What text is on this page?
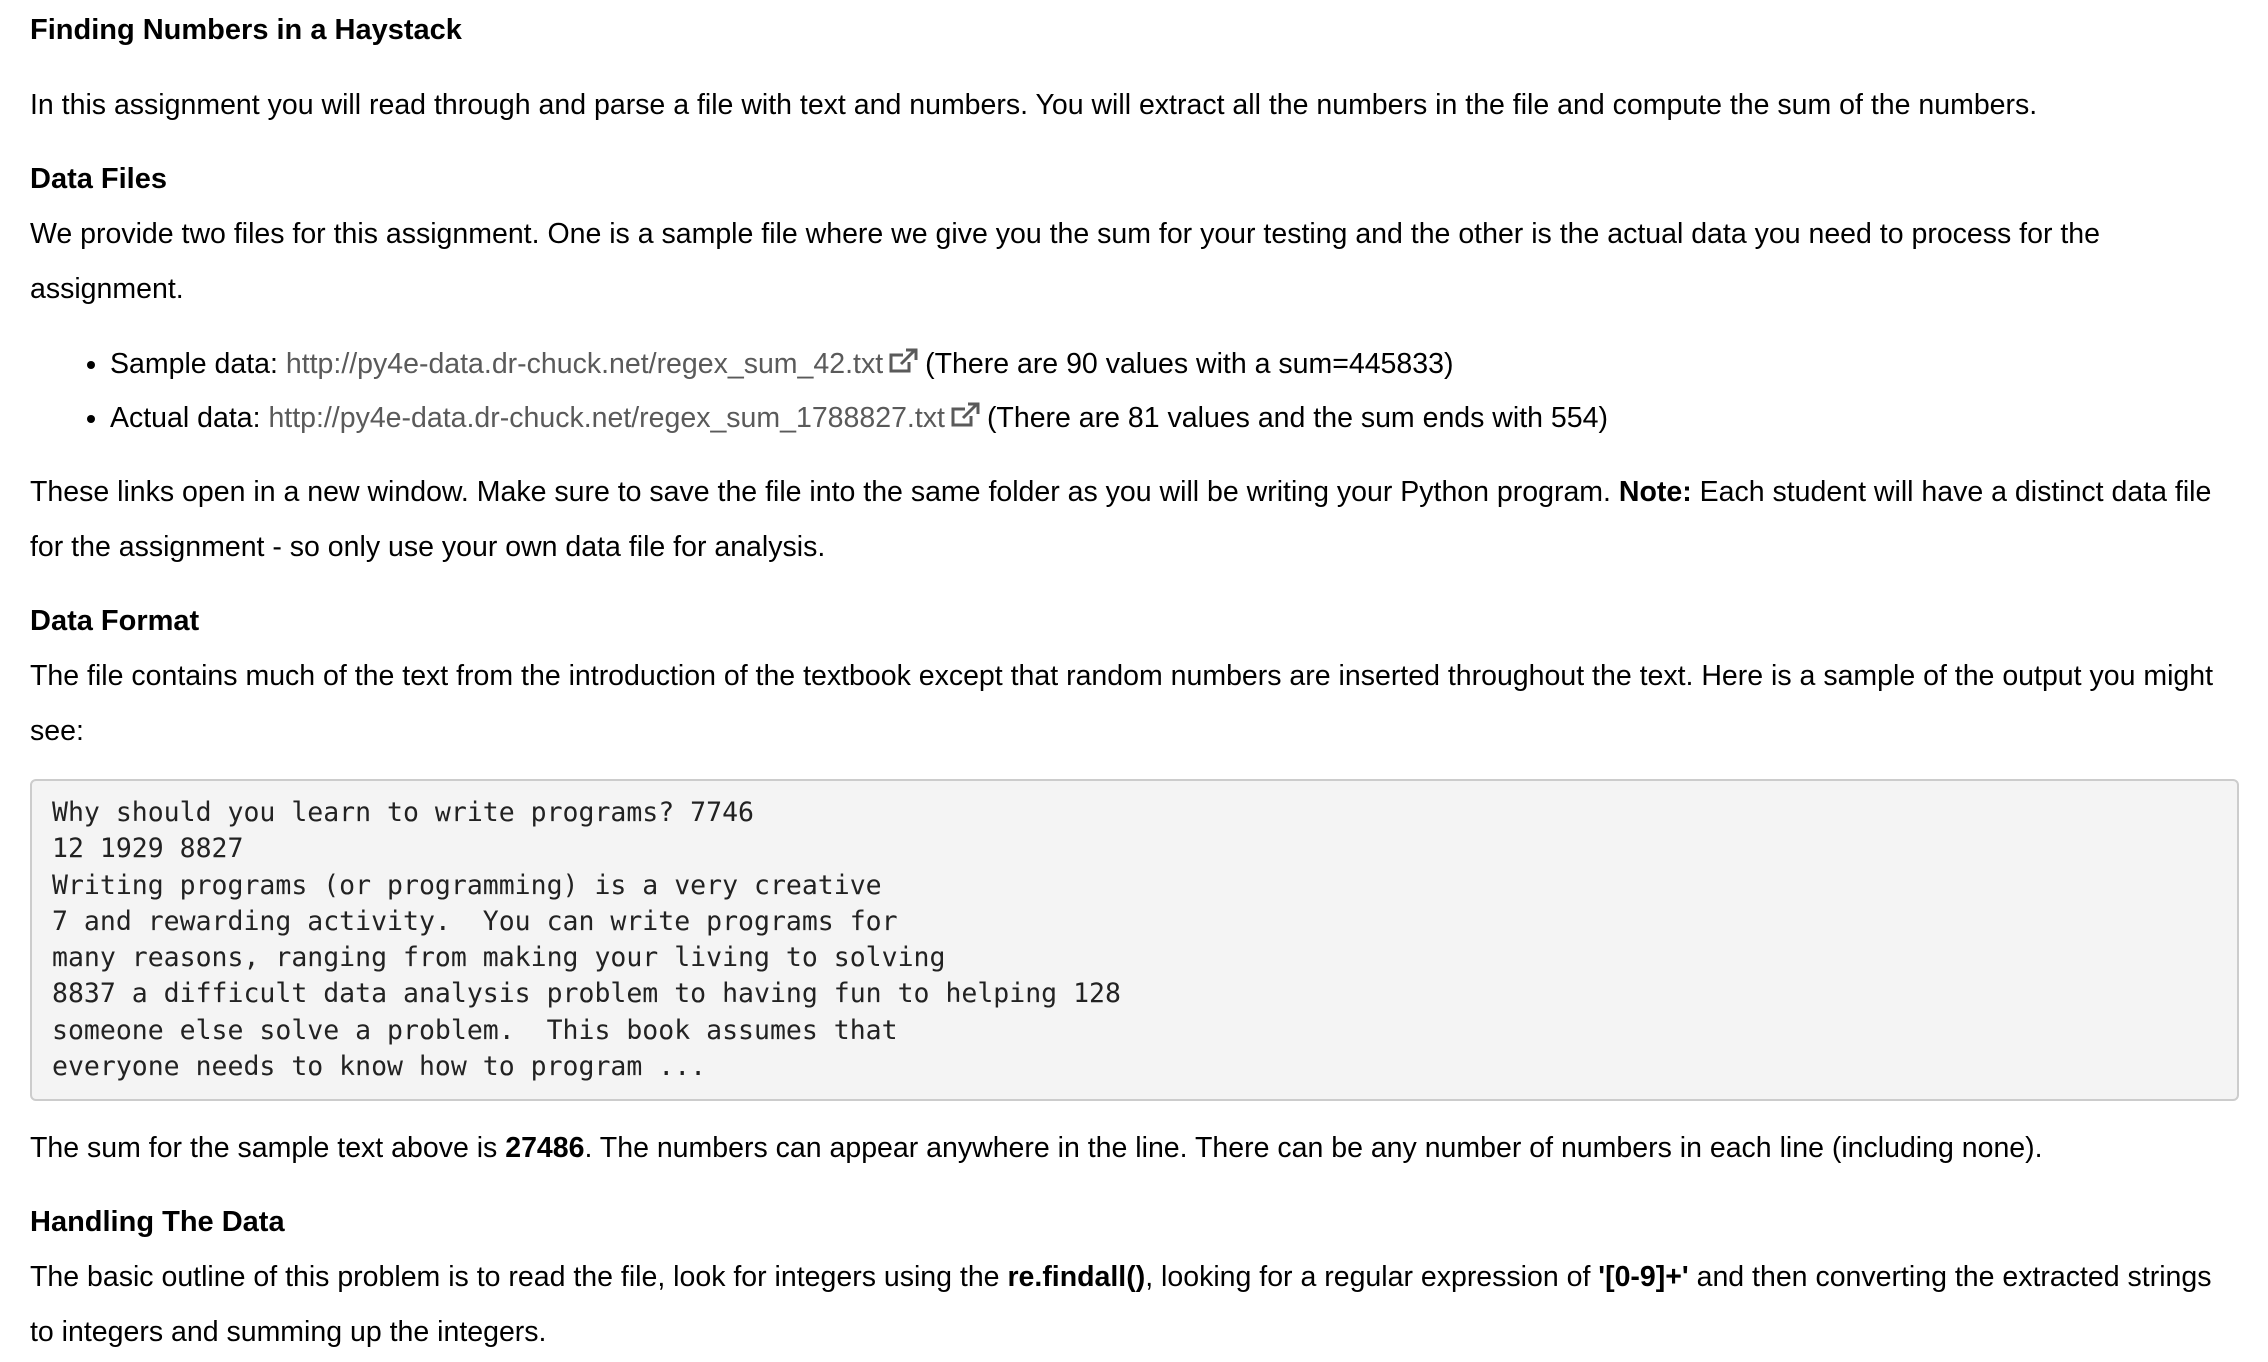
Finding Numbers in a Haystack

In this assignment you will read through and parse a file with text and numbers. You will extract all the numbers in the file and compute the sum of the numbers.

Data Files

We provide two files for this assignment. One is a sample file where we give you the sum for your testing and the other is the actual data you need to process for the assignment.

• Sample data: http://py4e-data.dr-chuck.net/regex_sum_42.txt (There are 90 values with a sum=445833)
• Actual data: http://py4e-data.dr-chuck.net/regex_sum_1788827.txt (There are 81 values and the sum ends with 554)

These links open in a new window. Make sure to save the file into the same folder as you will be writing your Python program. Note: Each student will have a distinct data file for the assignment - so only use your own data file for analysis.

Data Format

The file contains much of the text from the introduction of the textbook except that random numbers are inserted throughout the text. Here is a sample of the output you might see:

Why should you learn to write programs? 7746
12 1929 8827
Writing programs (or programming) is a very creative
7 and rewarding activity.  You can write programs for
many reasons, ranging from making your living to solving
8837 a difficult data analysis problem to having fun to helping 128
someone else solve a problem.  This book assumes that
everyone needs to know how to program ...

The sum for the sample text above is 27486. The numbers can appear anywhere in the line. There can be any number of numbers in each line (including none).

Handling The Data

The basic outline of this problem is to read the file, look for integers using the re.findall(), looking for a regular expression of '[0-9]+' and then converting the extracted strings to integers and summing up the integers.
